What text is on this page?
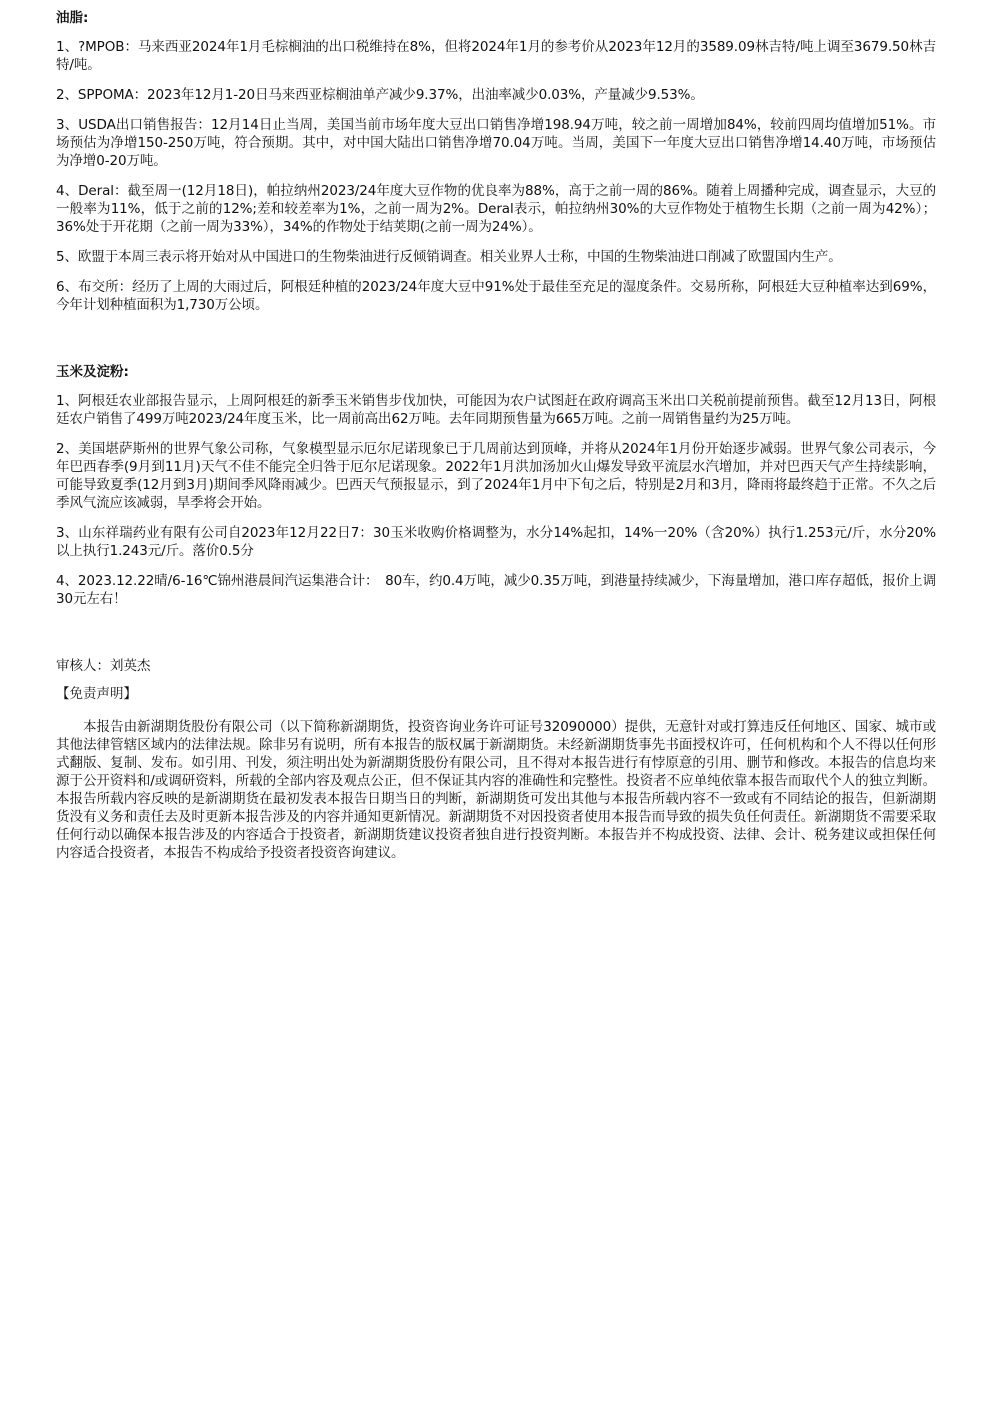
油脂:

1、?MPOB：马来西亚2024年1月毛棕榈油的出口税维持在8%，但将2024年1月的参考价从2023年12月的3589.09林吉特/吨上调至3679.50林吉特/吨。

2、SPPOMA：2023年12月1-20日马来西亚棕榈油单产减少9.37%，出油率减少0.03%，产量减少9.53%。

3、USDA出口销售报告：12月14日止当周，美国当前市场年度大豆出口销售净增198.94万吨，较之前一周增加84%，较前四周均值增加51%。市场预估为净增150-250万吨，符合预期。其中，对中国大陆出口销售净增70.04万吨。当周，美国下一年度大豆出口销售净增14.40万吨，市场预估为净增0-20万吨。

4、Deral：截至周一(12月18日)，帕拉纳州2023/24年度大豆作物的优良率为88%，高于之前一周的86%。随着上周播种完成，调查显示，大豆的一般率为11%，低于之前的12%;差和较差率为1%，之前一周为2%。Deral表示，帕拉纳州30%的大豆作物处于植物生长期（之前一周为42%）；36%处于开花期（之前一周为33%），34%的作物处于结荚期(之前一周为24%）。

5、欧盟于本周三表示将开始对从中国进口的生物柴油进行反倾销调查。相关业界人士称，中国的生物柴油进口削减了欧盟国内生产。

6、布交所：经历了上周的大雨过后，阿根廷种植的2023/24年度大豆中91%处于最佳至充足的湿度条件。交易所称，阿根廷大豆种植率达到69%，今年计划种植面积为1,730万公顷。

玉米及淀粉:

1、阿根廷农业部报告显示，上周阿根廷的新季玉米销售步伐加快，可能因为农户试图赶在政府调高玉米出口关税前提前预售。截至12月13日，阿根廷农户销售了499万吨2023/24年度玉米，比一周前高出62万吨。去年同期预售量为665万吨。之前一周销售量约为25万吨。

2、美国堪萨斯州的世界气象公司称，气象模型显示厄尔尼诺现象已于几周前达到顶峰，并将从2024年1月份开始逐步减弱。世界气象公司表示，今年巴西春季(9月到11月)天气不佳不能完全归咎于厄尔尼诺现象。2022年1月洪加汤加火山爆发导致平流层水汽增加，并对巴西天气产生持续影响，可能导致夏季(12月到3月)期间季风降雨减少。巴西天气预报显示，到了2024年1月中下旬之后，特别是2月和3月，降雨将最终趋于正常。不久之后季风气流应该减弱，旱季将会开始。

3、山东祥瑞药业有限有公司自2023年12月22日7：30玉米收购价格调整为，水分14%起扣，14%一20%（含20%）执行1.253元/斤，水分20%以上执行1.243元/斤。落价0.5分

4、2023.12.22晴/6-16℃锦州港晨间汽运集港合计：　80车，约0.4万吨，减少0.35万吨，到港量持续减少，下海量增加，港口库存超低，报价上调30元左右！

审核人：刘英杰
【免责声明】

本报告由新湖期货股份有限公司（以下简称新湖期货，投资咨询业务许可证号32090000）提供，无意针对或打算违反任何地区、国家、城市或其他法律管辖区域内的法律法规。除非另有说明，所有本报告的版权属于新湖期货。未经新湖期货事先书面授权许可，任何机构和个人不得以任何形式翻版、复制、发布。如引用、刊发，须注明出处为新湖期货股份有限公司，且不得对本报告进行有悖原意的引用、删节和修改。本报告的信息均来源于公开资料和/或调研资料，所载的全部内容及观点公正，但不保证其内容的准确性和完整性。投资者不应单纯依靠本报告而取代个人的独立判断。本报告所载内容反映的是新湖期货在最初发表本报告日期当日的判断，新湖期货可发出其他与本报告所载内容不一致或有不同结论的报告，但新湖期货没有义务和责任去及时更新本报告涉及的内容并通知更新情况。新湖期货不对因投资者使用本报告而导致的损失负任何责任。新湖期货不需要采取任何行动以确保本报告涉及的内容适合于投资者，新湖期货建议投资者独自进行投资判断。本报告并不构成投资、法律、会计、税务建议或担保任何内容适合投资者，本报告不构成给予投资者投资咨询建议。
